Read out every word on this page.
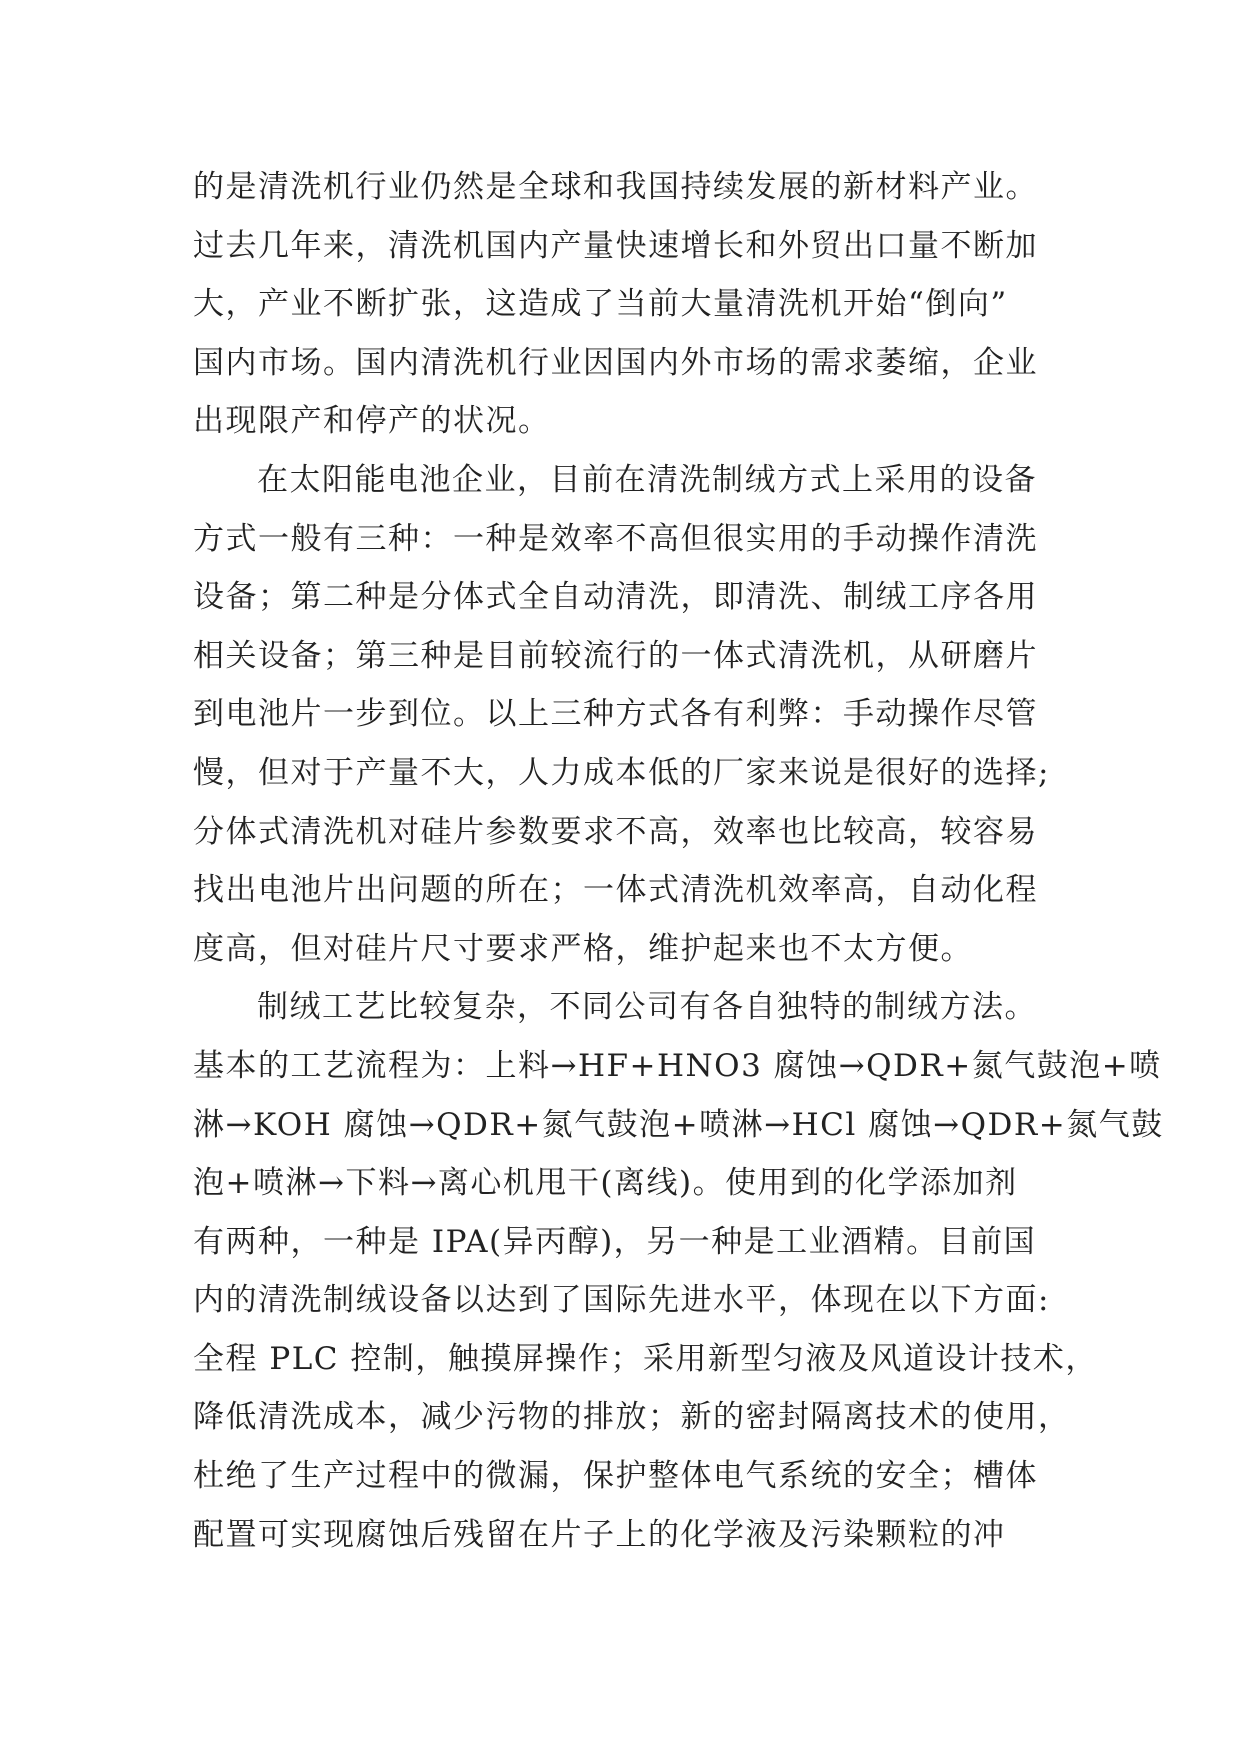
的是清洗机行业仍然是全球和我国持续发展的新材料产业。
过去几年来，清洗机国内产量快速增长和外贸出口量不断加
大，产业不断扩张，这造成了当前大量清洗机开始“倒向”
国内市场。国内清洗机行业因国内外市场的需求萎缩，企业
出现限产和停产的状况。
在太阳能电池企业，目前在清洗制绒方式上采用的设备
方式一般有三种：一种是效率不高但很实用的手动操作清洗
设备；第二种是分体式全自动清洗，即清洗、制绒工序各用
相关设备；第三种是目前较流行的一体式清洗机，从研磨片
到电池片一步到位。以上三种方式各有利弊：手动操作尽管
慢，但对于产量不大，人力成本低的厂家来说是很好的选择;
分体式清洗机对硅片参数要求不高，效率也比较高，较容易
找出电池片出问题的所在；一体式清洗机效率高，自动化程
度高，但对硅片尺寸要求严格，维护起来也不太方便。
制绒工艺比较复杂，不同公司有各自独特的制绒方法。
基本的工艺流程为：上料→HF+HNO3 腐蚀→QDR+氮气鼓泡+喷
淋→KOH 腐蚀→QDR+氮气鼓泡+喷淋→HCl 腐蚀→QDR+氮气鼓
泡+喷淋→下料→离心机甩干(离线)。使用到的化学添加剂
有两种，一种是 IPA(异丙醇)，另一种是工业酒精。目前国
内的清洗制绒设备以达到了国际先进水平，体现在以下方面:
全程 PLC 控制，触摸屏操作；采用新型匀液及风道设计技术，
降低清洗成本，减少污物的排放；新的密封隔离技术的使用，
杜绝了生产过程中的微漏，保护整体电气系统的安全；槽体
配置可实现腐蚀后残留在片子上的化学液及污染颗粒的冲
